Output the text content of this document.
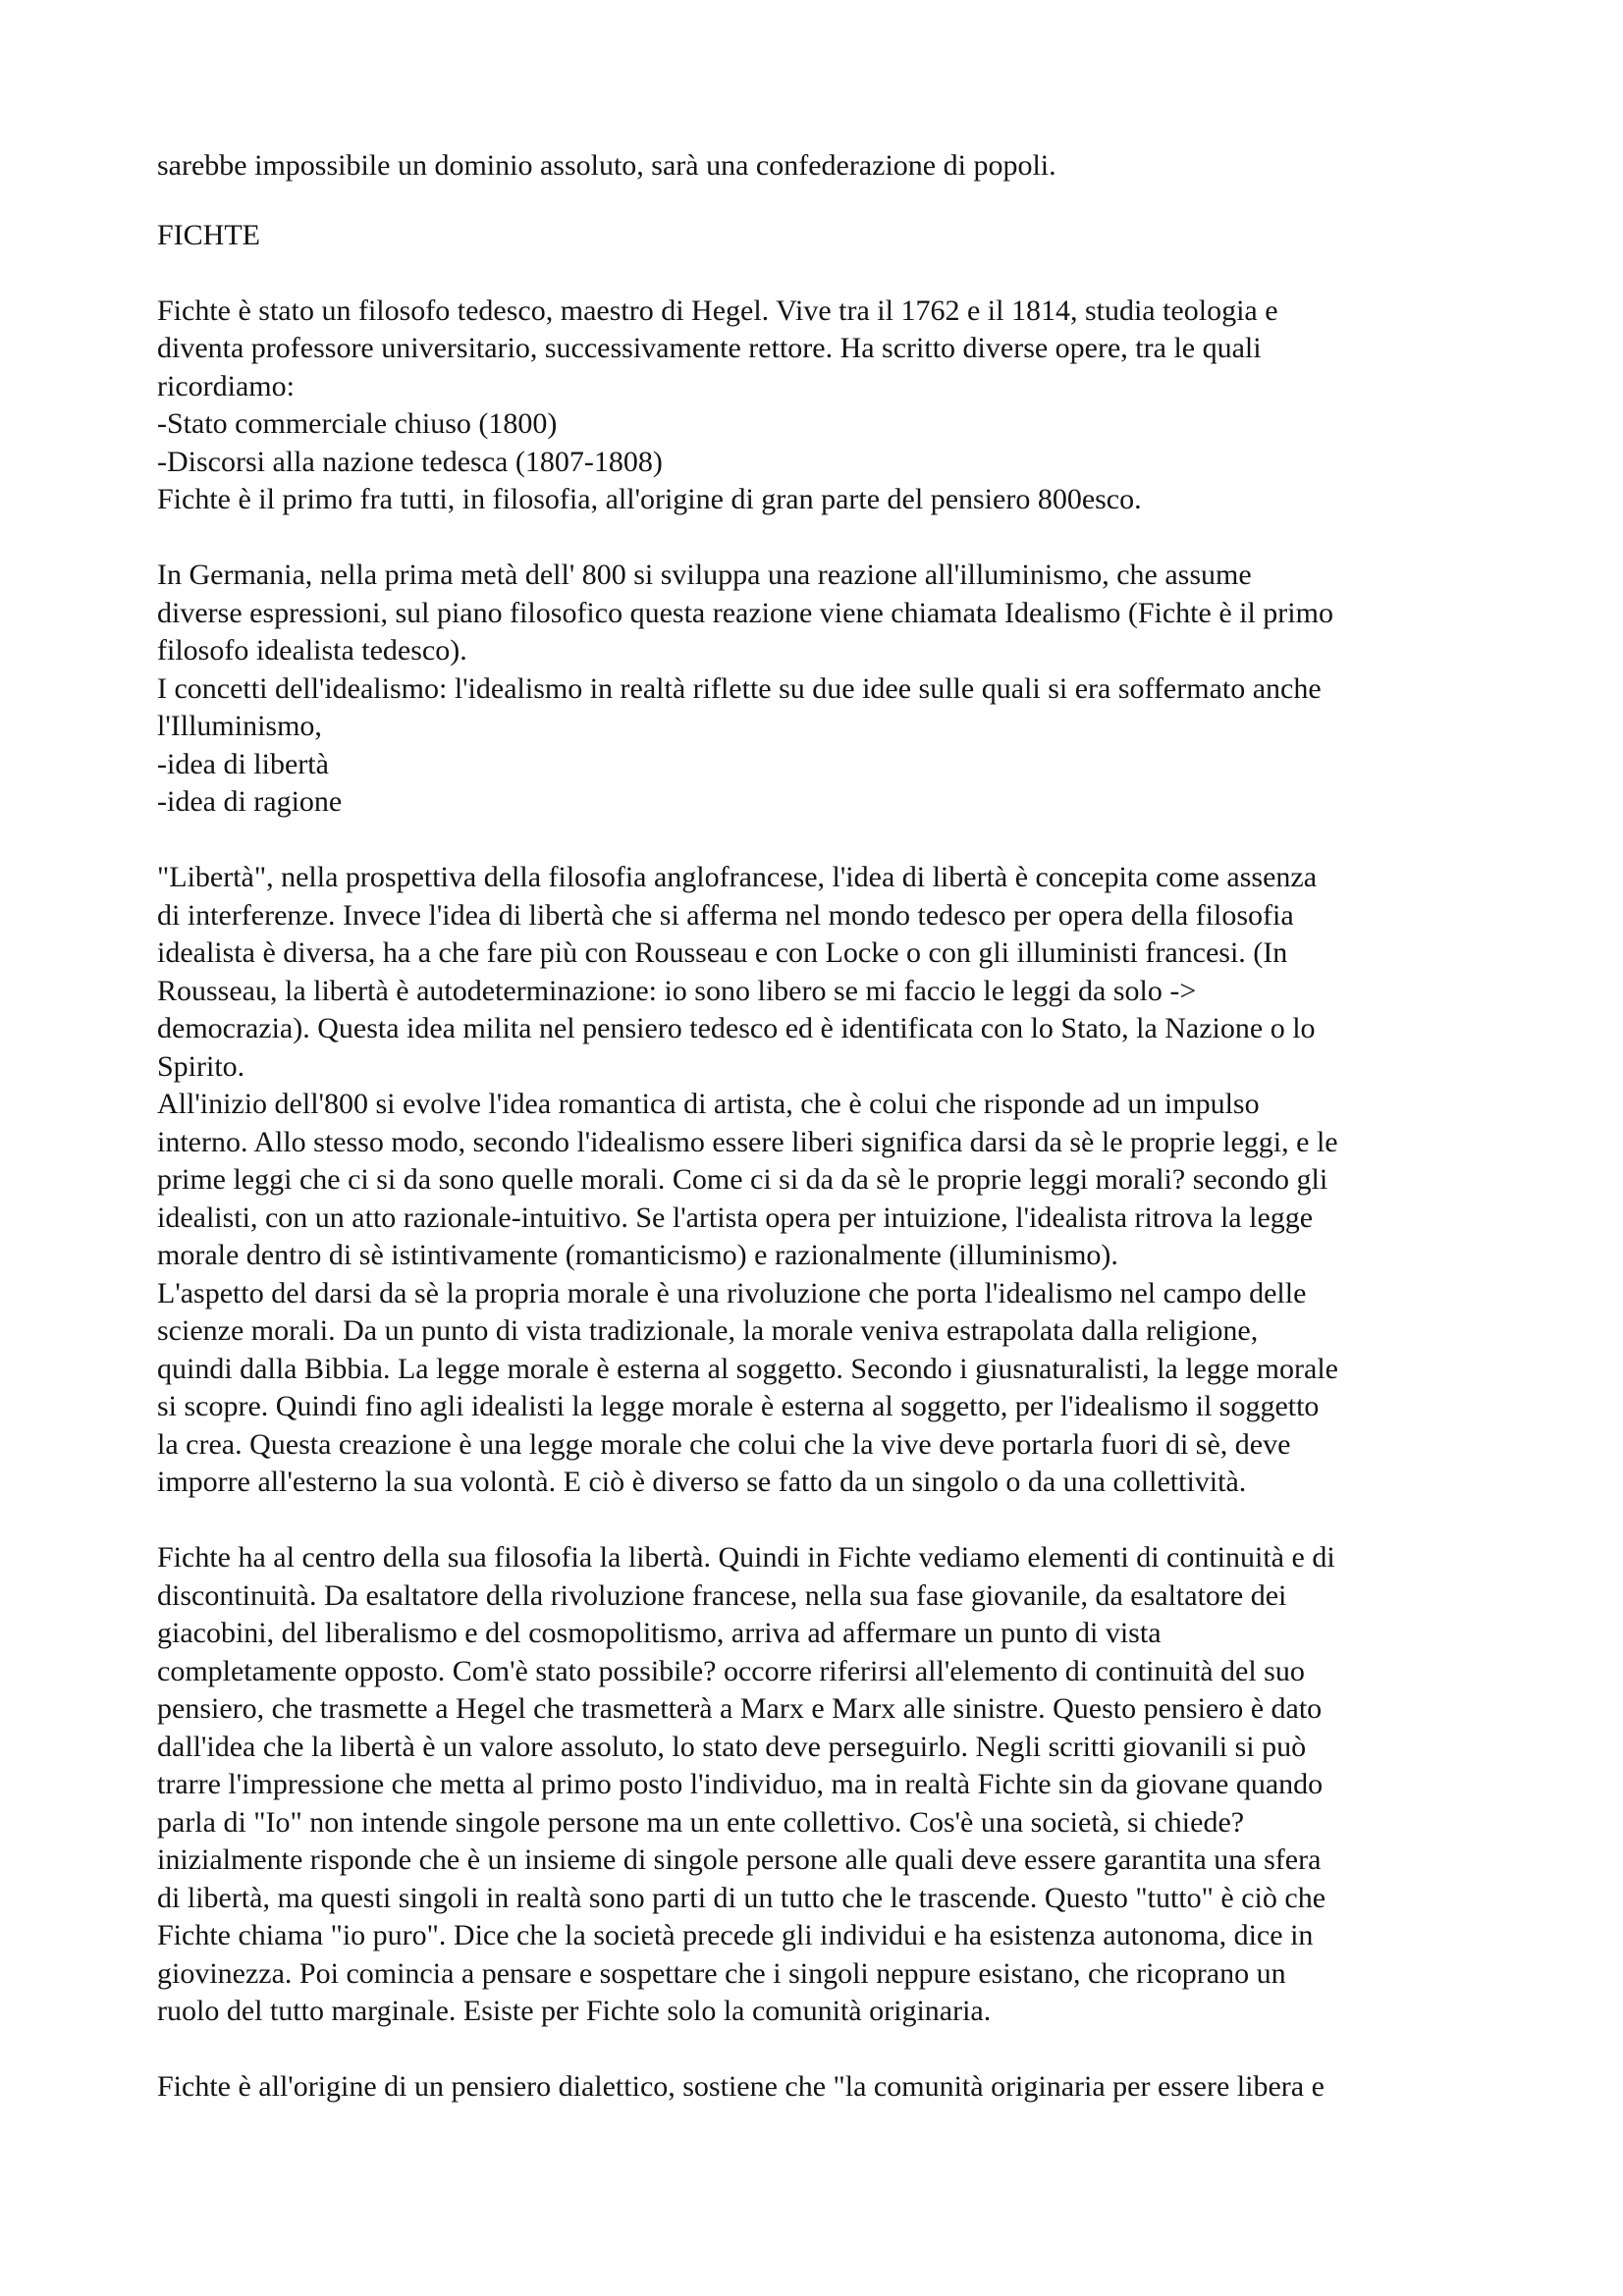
sarebbe impossibile un dominio assoluto, sarà una confederazione di popoli.
FICHTE
Fichte è stato un filosofo tedesco, maestro di Hegel. Vive tra il 1762 e il 1814, studia teologia e
diventa professore universitario, successivamente rettore. Ha scritto diverse opere, tra le quali
ricordiamo:
-Stato commerciale chiuso (1800)
-Discorsi alla nazione tedesca (1807-1808)
Fichte è il primo fra tutti, in filosofia, all'origine di gran parte del pensiero 800esco.
In Germania, nella prima metà dell' 800 si sviluppa una reazione all'illuminismo, che assume
diverse espressioni, sul piano filosofico questa reazione viene chiamata Idealismo (Fichte è il primo
filosofo idealista tedesco).
I concetti dell'idealismo: l'idealismo in realtà riflette su due idee sulle quali si era soffermato anche
l'Illuminismo,
-idea di libertà
-idea di ragione
"Libertà", nella prospettiva della filosofia anglofrancese, l'idea di libertà è concepita come assenza
di interferenze. Invece l'idea di libertà che si afferma nel mondo tedesco per opera della filosofia
idealista è diversa, ha a che fare più con Rousseau e con Locke o con gli illuministi francesi. (In
Rousseau, la libertà è autodeterminazione: io sono libero se mi faccio le leggi da solo ->
democrazia). Questa idea milita nel pensiero tedesco ed è identificata con lo Stato, la Nazione o lo
Spirito.
All'inizio dell'800 si evolve l'idea romantica di artista, che è colui che risponde ad un impulso
interno. Allo stesso modo, secondo l'idealismo essere liberi significa darsi da sè le proprie leggi, e le
prime leggi che ci si da sono quelle morali. Come ci si da da sè le proprie leggi morali? secondo gli
idealisti, con un atto razionale-intuitivo. Se l'artista opera per intuizione, l'idealista ritrova la legge
morale dentro di sè istintivamente (romanticismo) e razionalmente (illuminismo).
L'aspetto del darsi da sè la propria morale è una rivoluzione che porta l'idealismo nel campo delle
scienze morali. Da un punto di vista tradizionale, la morale veniva estrapolata dalla religione,
quindi dalla Bibbia. La legge morale è esterna al soggetto. Secondo i giusnaturalisti, la legge morale
si scopre. Quindi fino agli idealisti la legge morale è esterna al soggetto, per l'idealismo il soggetto
la crea. Questa creazione è una legge morale che colui che la vive deve portarla fuori di sè, deve
imporre all'esterno la sua volontà. E ciò è diverso se fatto da un singolo o da una collettività.
Fichte ha al centro della sua filosofia la libertà. Quindi in Fichte vediamo elementi di continuità e di
discontinuità. Da esaltatore della rivoluzione francese, nella sua fase giovanile, da esaltatore dei
giacobini, del liberalismo e del cosmopolitismo, arriva ad affermare un punto di vista
completamente opposto. Com'è stato possibile? occorre riferirsi all'elemento di continuità del suo
pensiero, che trasmette a Hegel che trasmetterà a Marx e Marx alle sinistre. Questo pensiero è dato
dall'idea che la libertà è un valore assoluto, lo stato deve perseguirlo. Negli scritti giovanili si può
trarre l'impressione che metta al primo posto l'individuo, ma in realtà Fichte sin da giovane quando
parla di "Io" non intende singole persone ma un ente collettivo. Cos'è una società, si chiede?
inizialmente risponde che è un insieme di singole persone alle quali deve essere garantita una sfera
di libertà, ma questi singoli in realtà sono parti di un tutto che le trascende. Questo "tutto" è ciò che
Fichte chiama "io puro". Dice che la società precede gli individui e ha esistenza autonoma, dice in
giovinezza. Poi comincia a pensare e sospettare che i singoli neppure esistano, che ricoprano un
ruolo del tutto marginale. Esiste per Fichte solo la comunità originaria.
Fichte è all'origine di un pensiero dialettico, sostiene che "la comunità originaria per essere libera e
